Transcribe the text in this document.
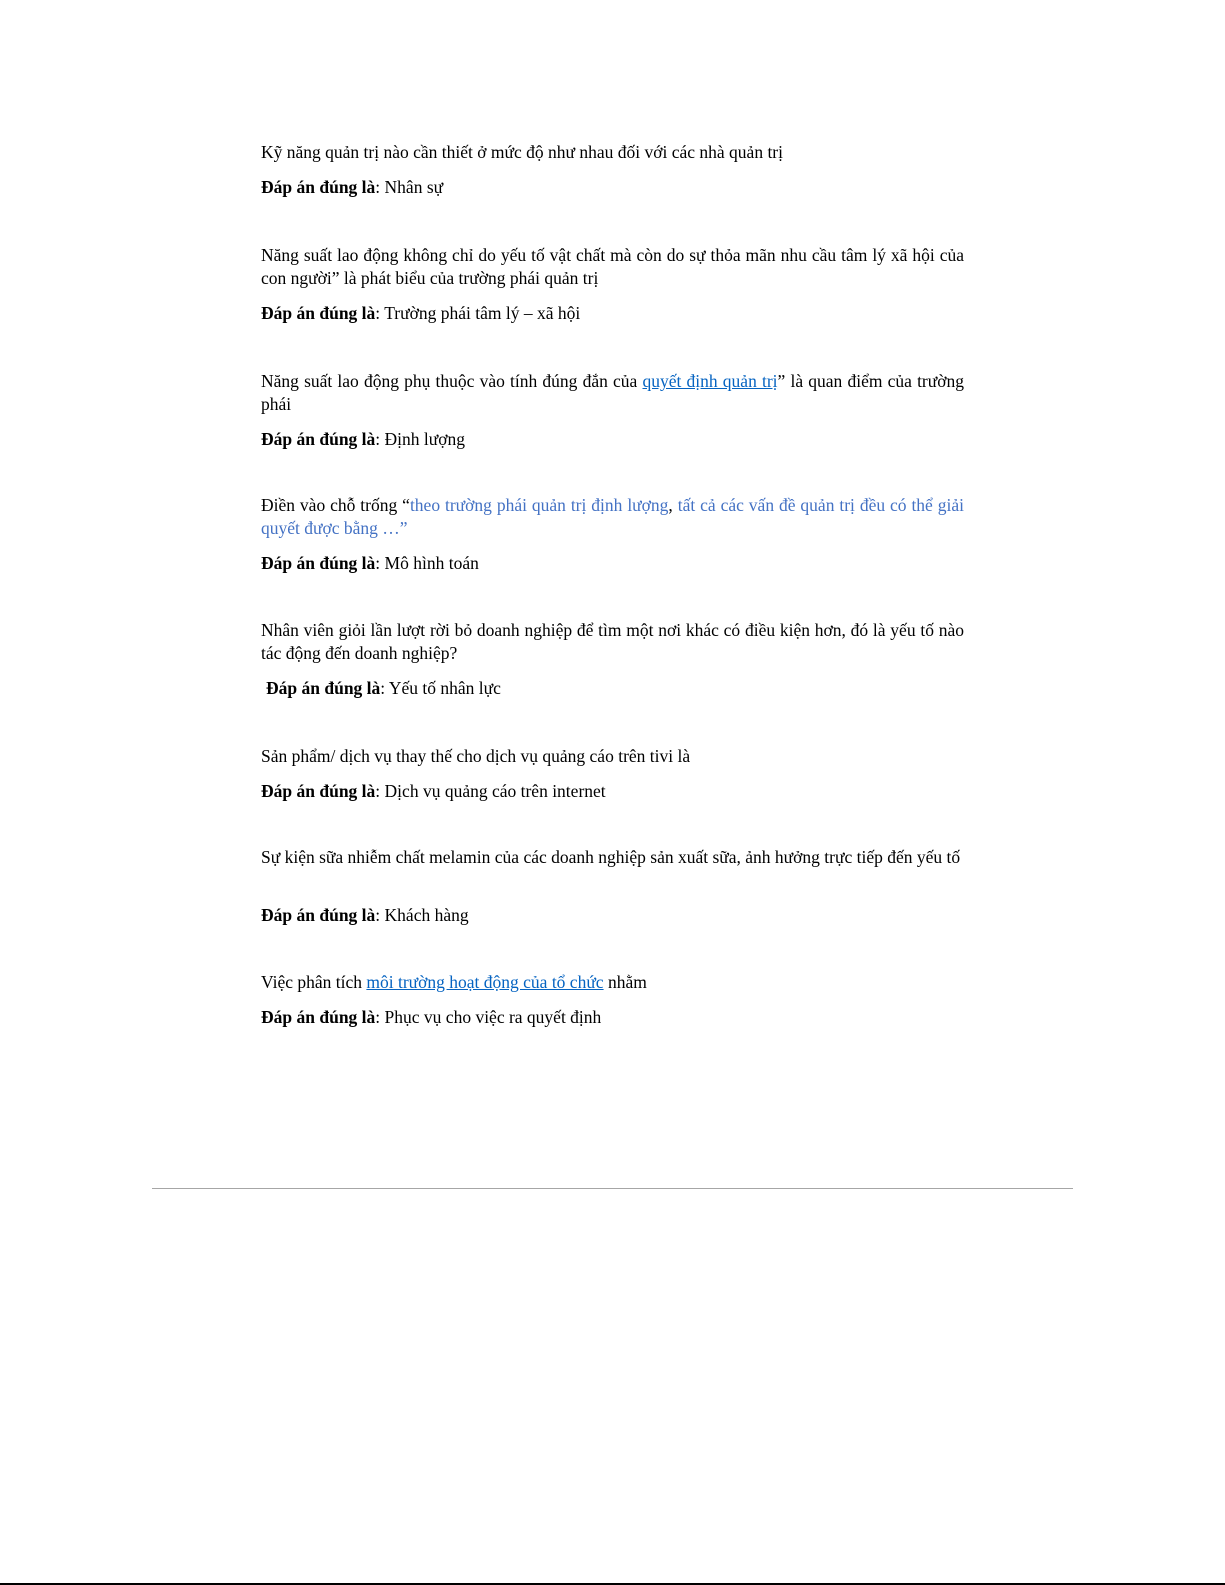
Kỹ năng quản trị nào cần thiết ở mức độ như nhau đối với các nhà quản trị

Đáp án đúng là: Nhân sự

Năng suất lao động không chỉ do yếu tố vật chất mà còn do sự thỏa mãn nhu cầu tâm lý xã hội của con người” là phát biểu của trường phái quản trị

Đáp án đúng là: Trường phái tâm lý – xã hội

Năng suất lao động phụ thuộc vào tính đúng đắn của quyết định quản trị” là quan điểm của trường phái

Đáp án đúng là: Định lượng

Điền vào chỗ trống “theo trường phái quản trị định lượng, tất cả các vấn đề quản trị đều có thể giải quyết được bằng …”

Đáp án đúng là: Mô hình toán

Nhân viên giỏi lần lượt rời bỏ doanh nghiệp để tìm một nơi khác có điều kiện hơn, đó là yếu tố nào tác động đến doanh nghiệp?

Đáp án đúng là: Yếu tố nhân lực

Sản phẩm/ dịch vụ thay thế cho dịch vụ quảng cáo trên tivi là

Đáp án đúng là: Dịch vụ quảng cáo trên internet

Sự kiện sữa nhiễm chất melamin của các doanh nghiệp sản xuất sữa, ảnh hưởng trực tiếp đến yếu tố

Đáp án đúng là: Khách hàng

Việc phân tích môi trường hoạt động của tổ chức nhằm

Đáp án đúng là: Phục vụ cho việc ra quyết định
